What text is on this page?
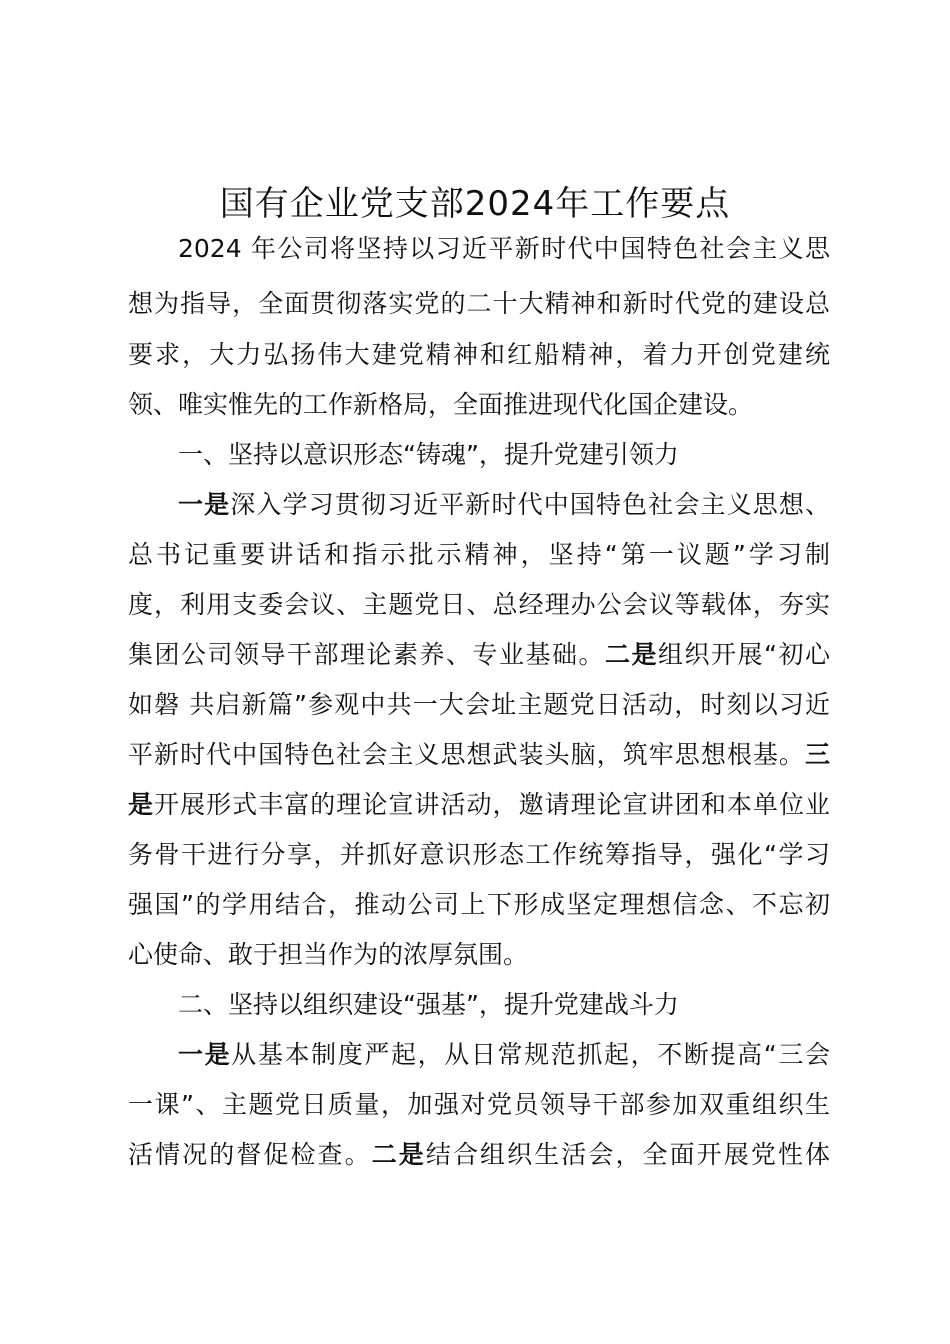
国有企业党支部2024年工作要点

2024 年公司将坚持以习近平新时代中国特色社会主义思

想为指导，全面贯彻落实党的二十大精神和新时代党的建设总

要求，大力弘扬伟大建党精神和红船精神，着力开创党建统

领、唯实惟先的工作新格局，全面推进现代化国企建设。

一、坚持以意识形态“铸魂”，提升党建引领力

一是深入学习贯彻习近平新时代中国特色社会主义思想、

总书记重要讲话和指示批示精神，坚持“第一议题”学习制

度，利用支委会议、主题党日、总经理办公会议等载体，夯实

集团公司领导干部理论素养、专业基础。二是组织开展“初心

如磐 共启新篇”参观中共一大会址主题党日活动，时刻以习近

平新时代中国特色社会主义思想武装头脑，筑牢思想根基。三

是开展形式丰富的理论宣讲活动，邀请理论宣讲团和本单位业

务骨干进行分享，并抓好意识形态工作统筹指导，强化“学习

强国”的学用结合，推动公司上下形成坚定理想信念、不忘初

心使命、敢于担当作为的浓厚氛围。

二、坚持以组织建设“强基”，提升党建战斗力

一是从基本制度严起，从日常规范抓起，不断提高“三会

一课”、主题党日质量，加强对党员领导干部参加双重组织生

活情况的督促检查。二是结合组织生活会，全面开展党性体
